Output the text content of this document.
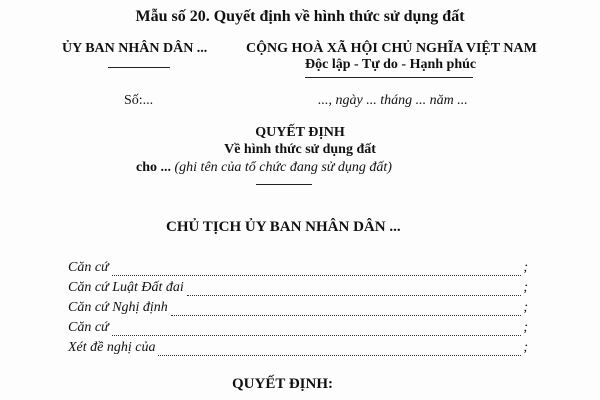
Mẫu số 20. Quyết định về hình thức sử dụng đất
ỦY BAN NHÂN DÂN ...	CỘNG HOÀ XÃ HỘI CHỦ NGHĨA VIỆT NAM
Độc lập - Tự do - Hạnh phúc
Số:...	..., ngày ... tháng ... năm ...
QUYẾT ĐỊNH
Về hình thức sử dụng đất
cho ... (ghi tên của tổ chức đang sử dụng đất)
CHỦ TỊCH ỦY BAN NHÂN DÂN ...
Căn cứ	;
Căn cứ Luật Đất đai	;
Căn cứ Nghị định	;
Căn cứ	;
Xét đề nghị của	;
QUYẾT ĐỊNH:
